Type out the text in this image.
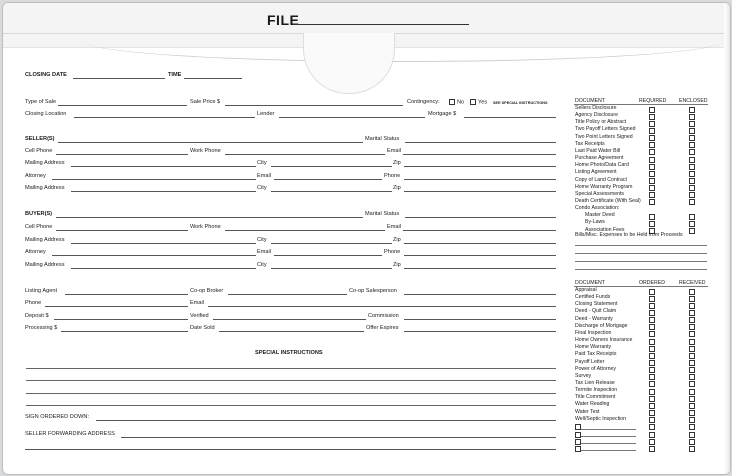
FILE
CLOSING DATE	TIME
Type of Sale	Sale Price $	Contingency:	No	Yes SEE SPECIAL INSTRUCTIONS
Closing Location	Lender	Mortgage $
SELLER(S)	Marital Status
Cell Phone	Work Phone	Email
Mailing Address	City	Zip
Attorney	Email	Phone
Mailing Address	City	Zip
BUYER(S)	Marital Status
Cell Phone	Work Phone	Email
Mailing Address	City	Zip
Attorney	Email	Phone
Mailing Address	City	Zip
Listing Agent	Co-op Broker	Co-op Salesperson
Phone	Email
Deposit $	Verified	Commission
Processing $	Date Sold	Offer Expires
SPECIAL INSTRUCTIONS
SIGN ORDERED DOWN:
SELLER FORWARDING ADDRESS
DOCUMENT	REQUIRED ENCLOSED
Sellers Disclosure
Agency Disclosure
Title Policy or Abstract
Two Payoff Letters Signed
Two Point Letters Signed
Tax Receipts
Last Paid Water Bill
Purchase Agreement
Home Photo/Data Card
Listing Agreement
Copy of Land Contract
Home Warranty Program
Special Assessments
Death Certificate (With Seal)
Condo Association:
Master Deed
By-Laws
Association Fees
Bills/Misc. Expenses to be Held from Proceeds
DOCUMENT	ORDERED	RECEIVED
Appraisal
Certified Funds
Closing Statement
Deed - Quit Claim
Deed - Warranty
Discharge of Mortgage
Final Inspection
Home Owners Insurance
Home Warranty
Paid Tax Receipts
Payoff Letter
Power of Attorney
Survey
Tax Lien Release
Termite Inspection
Title Commitment
Water Reading
Water Test
Well/Septic Inspection
